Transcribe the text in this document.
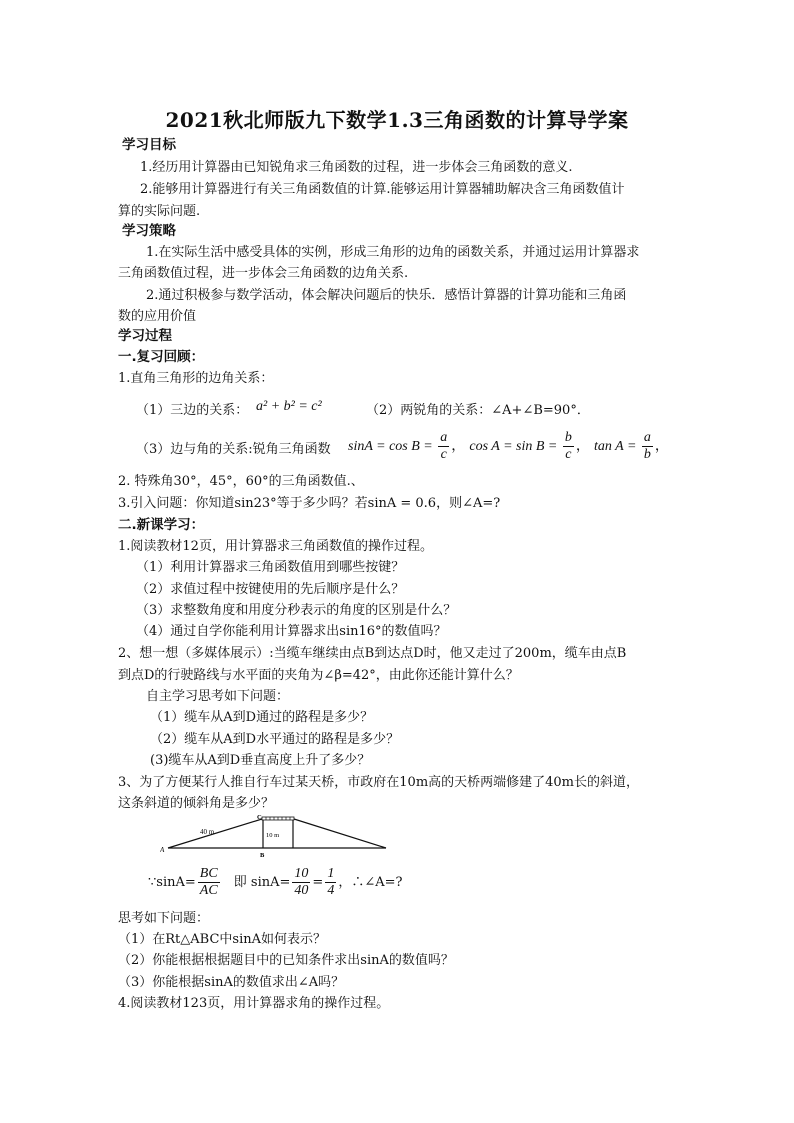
2021秋北师版九下数学1.3三角函数的计算导学案
学习目标
1.经历用计算器由已知锐角求三角函数的过程，进一步体会三角函数的意义.
2.能够用计算器进行有关三角函数值的计算.能够运用计算器辅助解决含三角函数值计
算的实际问题.
学习策略
1.在实际生活中感受具体的实例，形成三角形的边角的函数关系，并通过运用计算器求
三角函数值过程，进一步体会三角函数的边角关系.
2.通过积极参与数学活动，体会解决问题后的快乐．感悟计算器的计算功能和三角函
数的应用价值
学习过程
一.复习回顾：
1.直角三角形的边角关系：
（1）三边的关系： a² + b² = c²	（2）两锐角的关系：∠A+∠B=90°．
（3）边与角的关系:锐角三角函数 $\sin A = \cos B = \frac{a}{c}$ ， $\cos A = \sin B = \frac{b}{c}$ ， $\tan A = \frac{a}{b}$ ，
2. 特殊角30°，45°，60°的三角函数值.、
3.引入问题：你知道sin23°等于多少吗？若sinA = 0.6，则∠A=?
二.新课学习：
1.阅读教材12页，用计算器求三角函数值的操作过程。
（1）利用计算器求三角函数值用到哪些按键？
（2）求值过程中按键使用的先后顺序是什么？
（3）求整数角度和用度分秒表示的角度的区别是什么？
（4）通过自学你能利用计算器求出sin16°的数值吗？
2、想一想（多媒体展示）:当缆车继续由点B到达点D时，他又走过了200m，缆车由点B
到点D的行驶路线与水平面的夹角为∠β=42°，由此你还能计算什么？
自主学习思考如下问题：
（1）缆车从A到D通过的路程是多少？
（2）缆车从A到D水平通过的路程是多少？
(3)缆车从A到D垂直高度上升了多少？
3、为了方便某行人推自行车过某天桥，市政府在10m高的天桥两端修建了40m长的斜道，
这条斜道的倾斜角是多少？
40 m	10 m
A
B
C
∵sinA= $\frac{BC}{AC}$ 即 $\sin A= \frac{10}{40} = \frac{1}{4}$ ，∴∠A=?
思考如下问题：
（1）在Rt△ABC中sinA如何表示？
（2）你能根据根据题目中的已知条件求出sinA的数值吗？
（3）你能根据sinA的数值求出∠A吗？
4.阅读教材123页，用计算器求角的操作过程。
